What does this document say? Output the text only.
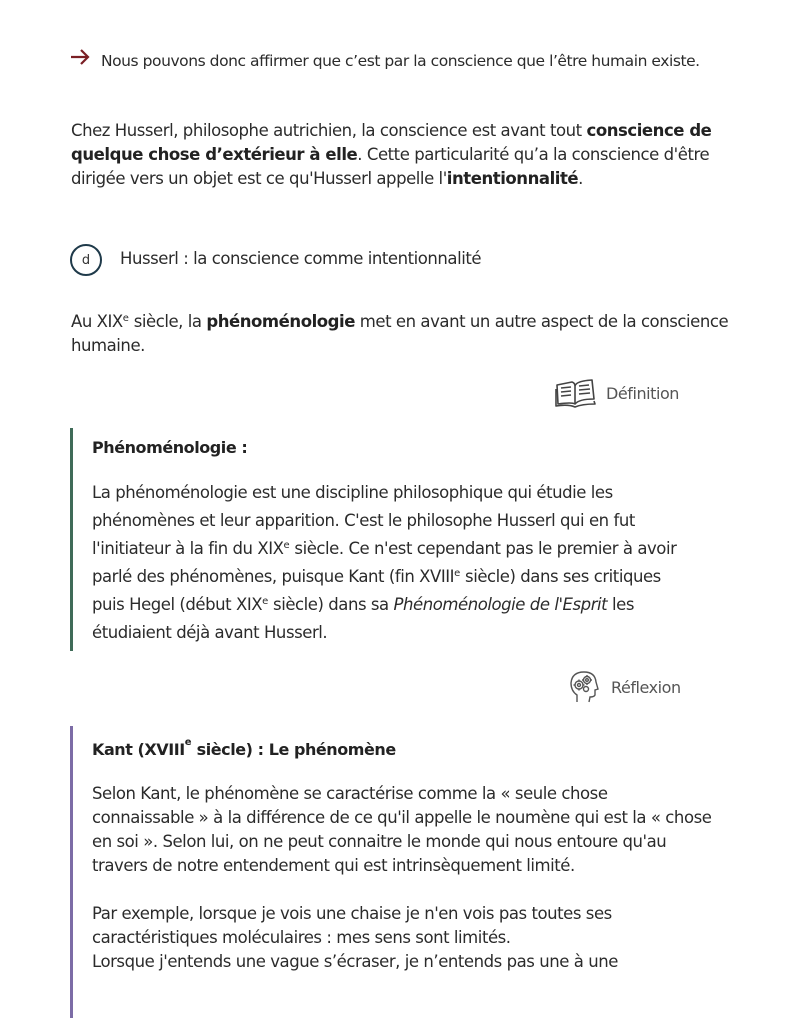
Nous pouvons donc affirmer que c’est par la conscience que l’être humain existe.
Chez Husserl, philosophe autrichien, la conscience est avant tout conscience de quelque chose d’extérieur à elle. Cette particularité qu’a la conscience d'être dirigée vers un objet est ce qu'Husserl appelle l'intentionnalité.
d	Husserl : la conscience comme intentionnalité
Au XIXe siècle, la phénoménologie met en avant un autre aspect de la conscience humaine.
Définition
Phénoménologie :
La phénoménologie est une discipline philosophique qui étudie les phénomènes et leur apparition. C'est le philosophe Husserl qui en fut l'initiateur à la fin du XIXe siècle. Ce n'est cependant pas le premier à avoir parlé des phénomènes, puisque Kant (fin XVIIIe siècle) dans ses critiques puis Hegel (début XIXe siècle) dans sa Phénoménologie de l'Esprit les étudiaient déjà avant Husserl.
Réflexion
Kant (XVIIIe siècle) : Le phénomène
Selon Kant, le phénomène se caractérise comme la « seule chose connaissable » à la différence de ce qu'il appelle le noumène qui est la « chose en soi ». Selon lui, on ne peut connaitre le monde qui nous entoure qu'au travers de notre entendement qui est intrinsèquement limité.
Par exemple, lorsque je vois une chaise je n'en vois pas toutes ses caractéristiques moléculaires : mes sens sont limités.
Lorsque j'entends une vague s’écraser, je n’entends pas une à une
